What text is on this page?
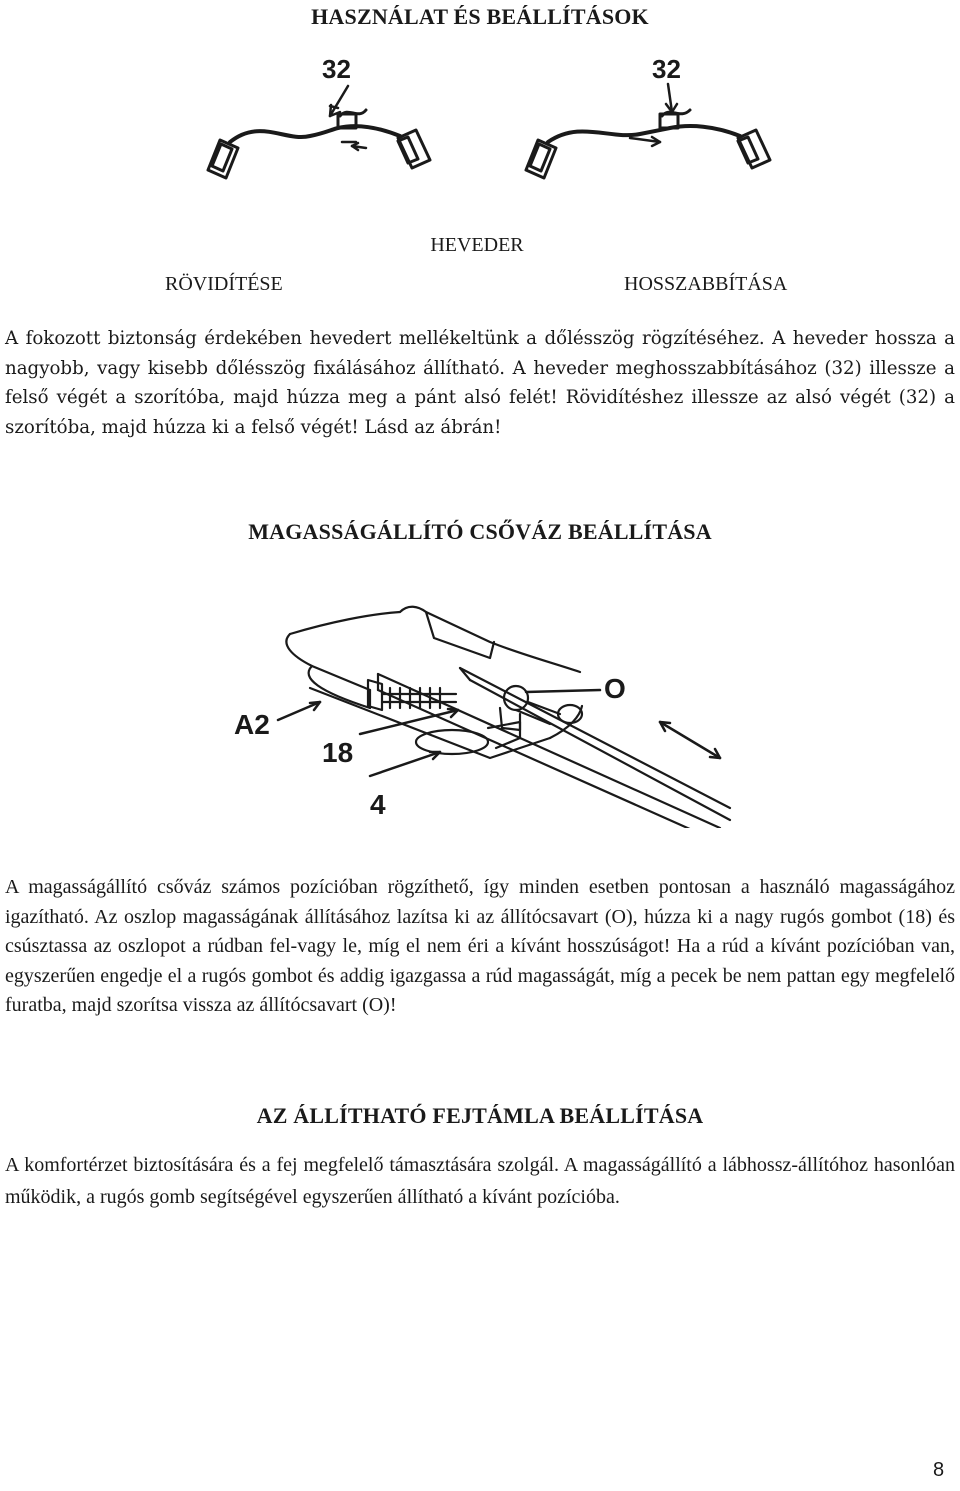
HASZNÁLAT ÉS BEÁLLÍTÁSOK
32	32
HEVEDER
RÖVIDÍTÉSE	HOSSZABBÍTÁSA

A fokozott biztonság érdekében hevedert mellékeltünk a dőlésszög rögzítéséhez. A heveder hossza a nagyobb, vagy kisebb dőlésszög fixálásához állítható. A heveder meghosszabbításához (32) illessze a felső végét a szorítóba, majd húzza meg a pánt alsó felét! Rövidítéshez illessze az alsó végét (32) a szorítóba, majd húzza ki a felső végét! Lásd az ábrán!

MAGASSÁGÁLLÍTÓ CSŐVÁZ BEÁLLÍTÁSA
O
A2
18
4

A magasságállító csőváz számos pozícióban rögzíthető, így minden esetben pontosan a használó magasságához igazítható. Az oszlop magasságának állításához lazítsa ki az állítócsavart (O), húzza ki a nagy rugós gombot (18) és csúsztassa az oszlopot a rúdban fel-vagy le, míg el nem éri a kívánt hosszúságot! Ha a rúd a kívánt pozícióban van, egyszerűen engedje el a rugós gombot és addig igazgassa a rúd magasságát, míg a pecek be nem pattan egy megfelelő furatba, majd szorítsa vissza az állítócsavart (O)!

AZ ÁLLÍTHATÓ FEJTÁMLA BEÁLLÍTÁSA

A komfortérzet biztosítására és a fej megfelelő támasztására szolgál. A magasságállító a lábhossz-állítóhoz hasonlóan működik, a rugós gomb segítségével egyszerűen állítható a kívánt pozícióba.

8
